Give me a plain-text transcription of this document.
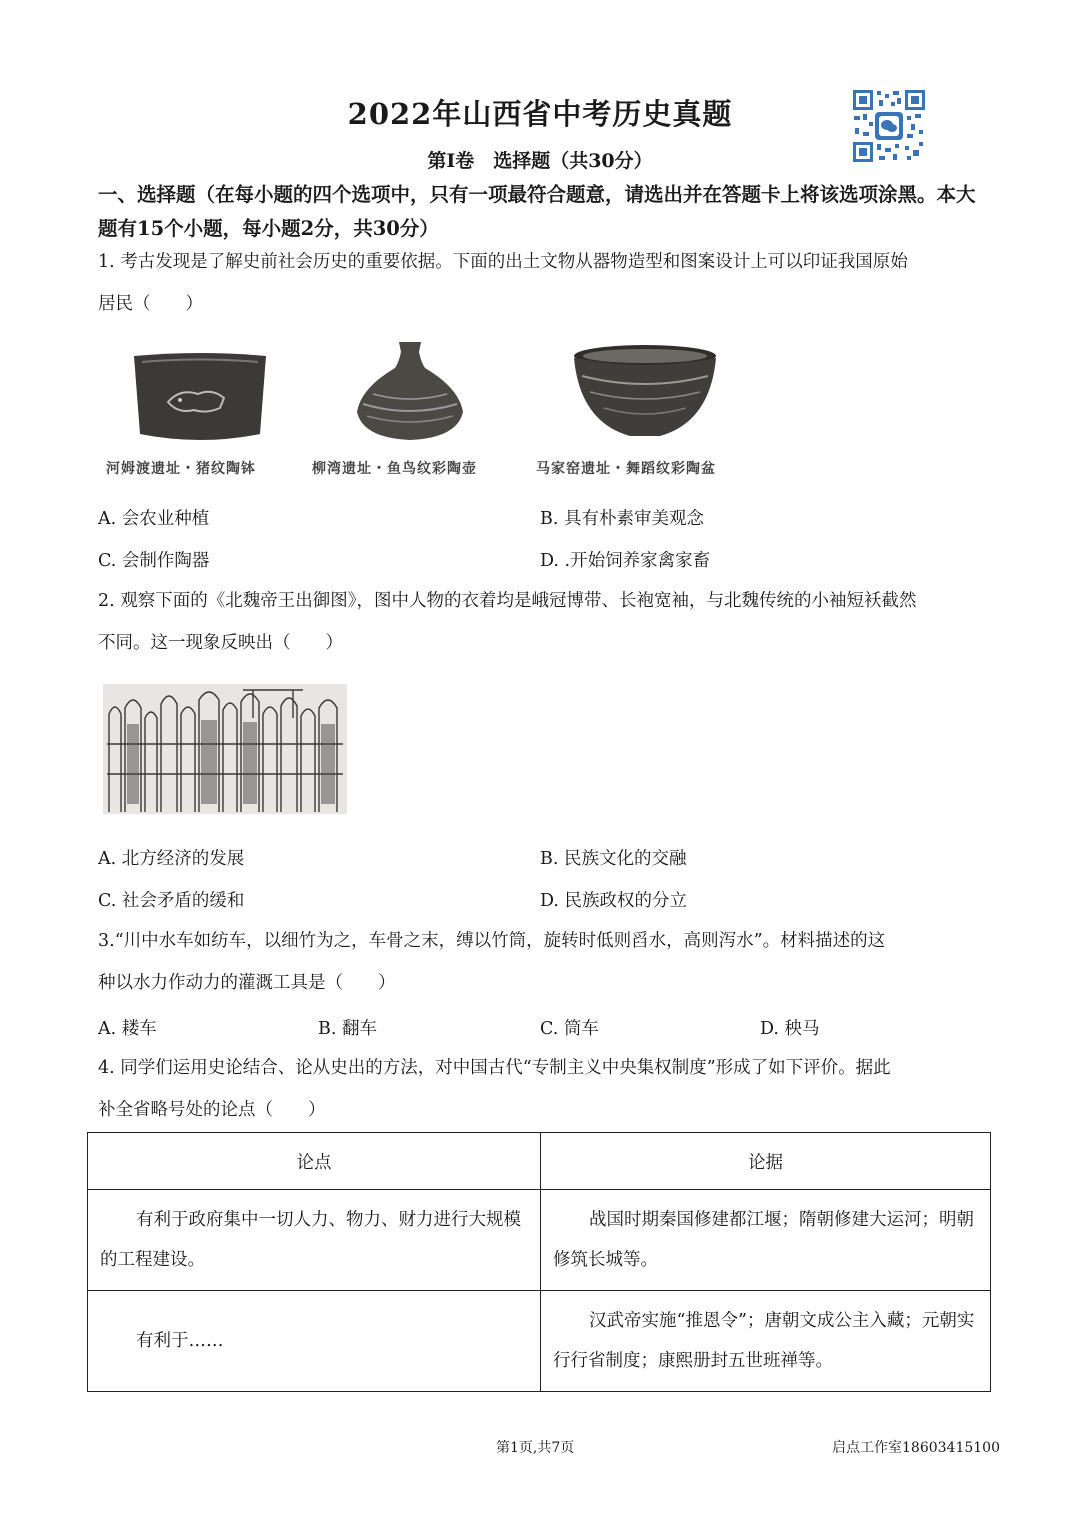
2022年山西省中考历史真题
第Ⅰ卷　选择题（共30分）
一、选择题（在每小题的四个选项中，只有一项最符合题意，请选出并在答题卡上将该选项涂黑。本大题有15个小题，每小题2分，共30分）
1. 考古发现是了解史前社会历史的重要依据。下面的出土文物从器物造型和图案设计上可以印证我国原始
居民（　　）
河姆渡遗址・猪纹陶钵	柳湾遗址・鱼鸟纹彩陶壶	马家窑遗址・舞蹈纹彩陶盆
A. 会农业种植	B. 具有朴素审美观念
C. 会制作陶器	D. .开始饲养家禽家畜
2. 观察下面的《北魏帝王出御图》，图中人物的衣着均是峨冠博带、长袍宽袖，与北魏传统的小袖短袄截然
不同。这一现象反映出（　　）
A. 北方经济的发展	B. 民族文化的交融
C. 社会矛盾的缓和	D. 民族政权的分立
3.“川中水车如纺车，以细竹为之，车骨之末，缚以竹筒，旋转时低则舀水，高则泻水”。材料描述的这
种以水力作动力的灌溉工具是（　　）
A. 耧车	B. 翻车	C. 筒车	D. 秧马
4. 同学们运用史论结合、论从史出的方法，对中国古代“专制主义中央集权制度”形成了如下评价。据此
补全省略号处的论点（　　）
论点	论据
有利于政府集中一切人力、物力、财力进行大规模的工程建设。	战国时期秦国修建都江堰；隋朝修建大运河；明朝修筑长城等。
有利于……	汉武帝实施“推恩令”；唐朝文成公主入藏；元朝实行行省制度；康熙册封五世班禅等。
第1页,共7页	启点工作室18603415100
